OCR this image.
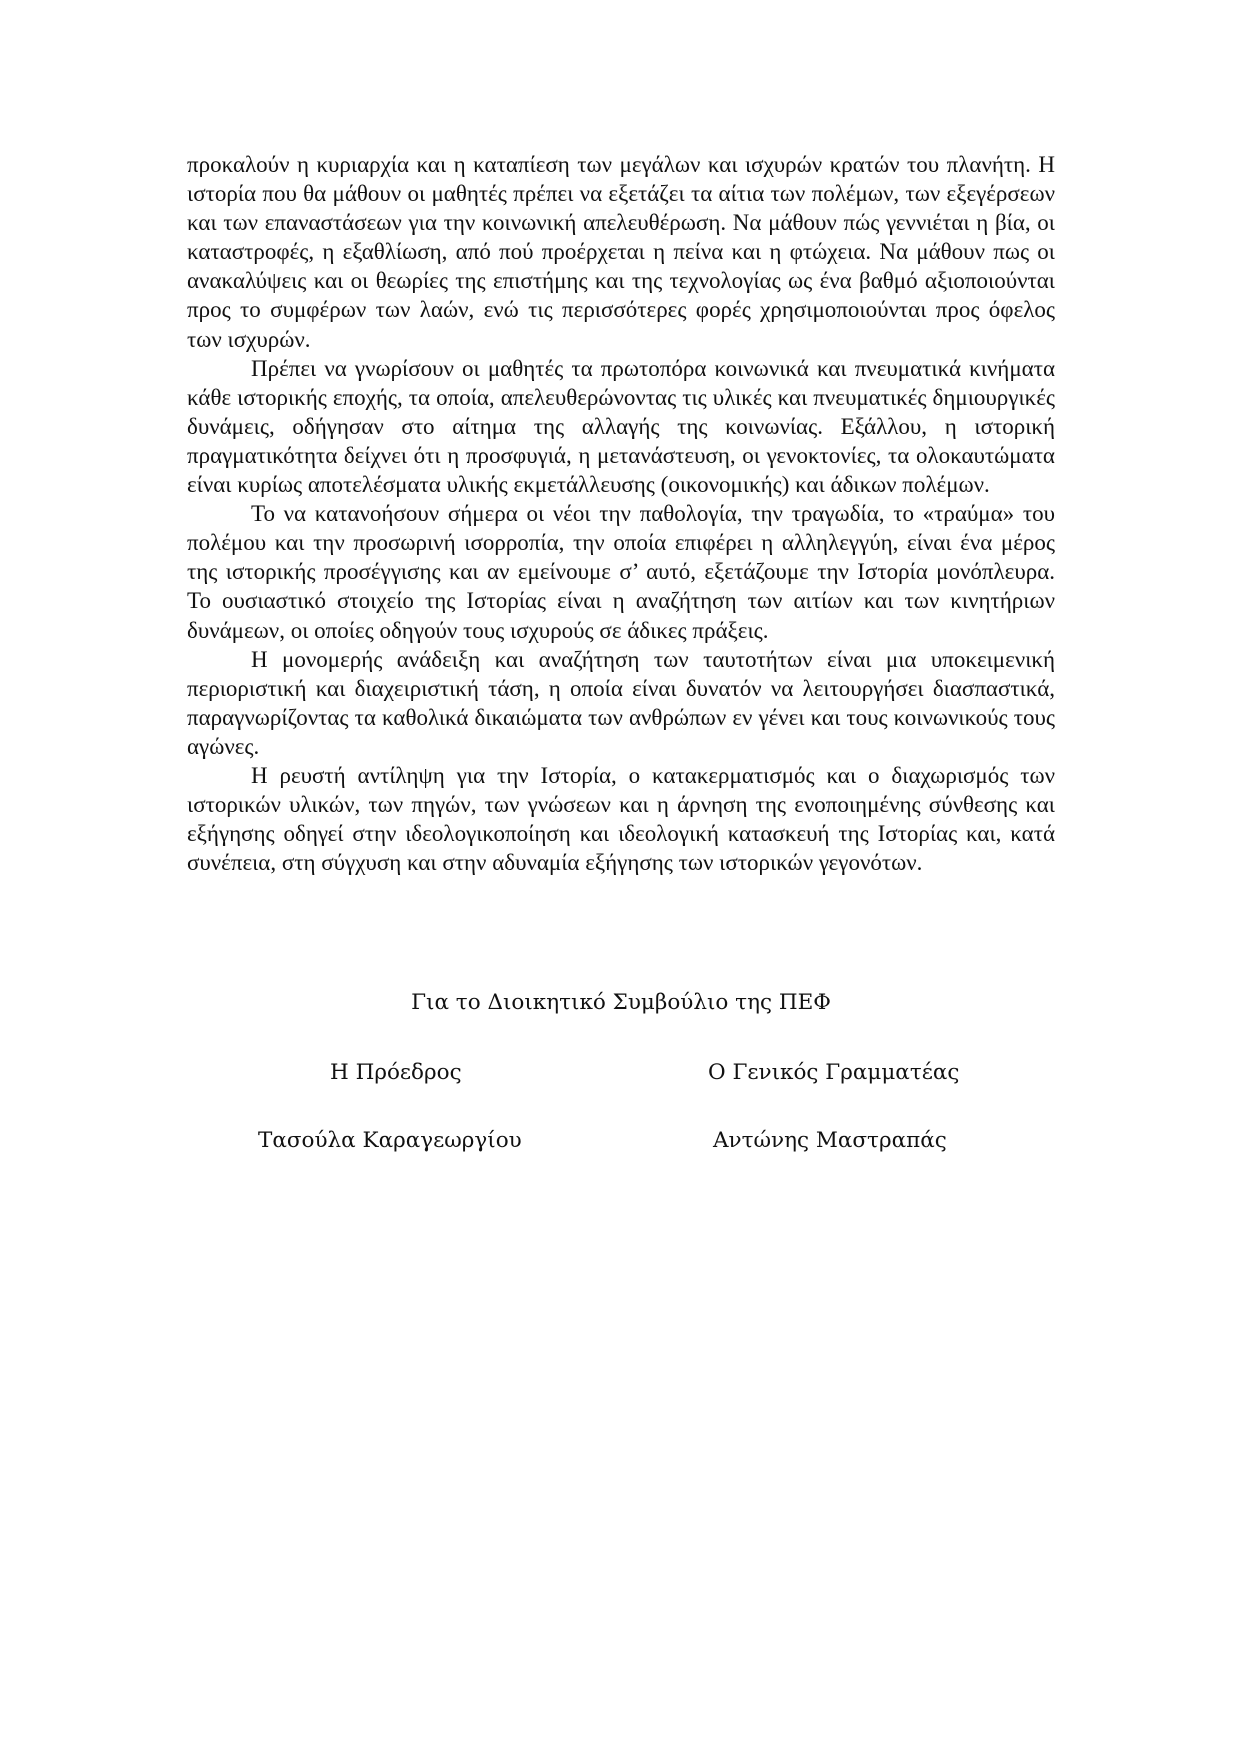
προκαλούν η κυριαρχία και η καταπίεση των μεγάλων και ισχυρών κρατών του πλανήτη. Η ιστορία που θα μάθουν οι μαθητές πρέπει να εξετάζει τα αίτια των πολέμων, των εξεγέρσεων και των επαναστάσεων για την κοινωνική απελευθέρωση. Να μάθουν πώς γεννιέται η βία, οι καταστροφές, η εξαθλίωση, από πού προέρχεται η πείνα και η φτώχεια. Να μάθουν πως οι ανακαλύψεις και οι θεωρίες της επιστήμης και της τεχνολογίας ως ένα βαθμό αξιοποιούνται προς το συμφέρων των λαών, ενώ τις περισσότερες φορές χρησιμοποιούνται προς όφελος των ισχυρών.

Πρέπει να γνωρίσουν οι μαθητές τα πρωτοπόρα κοινωνικά και πνευματικά κινήματα κάθε ιστορικής εποχής, τα οποία, απελευθερώνοντας τις υλικές και πνευματικές δημιουργικές δυνάμεις, οδήγησαν στο αίτημα της αλλαγής της κοινωνίας. Εξάλλου, η ιστορική πραγματικότητα δείχνει ότι η προσφυγιά, η μετανάστευση, οι γενοκτονίες, τα ολοκαυτώματα είναι κυρίως αποτελέσματα υλικής εκμετάλλευσης (οικονομικής) και άδικων πολέμων.

Το να κατανοήσουν σήμερα οι νέοι την παθολογία, την τραγωδία, το «τραύμα» του πολέμου και την προσωρινή ισορροπία, την οποία επιφέρει η αλληλεγγύη, είναι ένα μέρος της ιστορικής προσέγγισης και αν εμείνουμε σ’ αυτό, εξετάζουμε την Ιστορία μονόπλευρα. Το ουσιαστικό στοιχείο της Ιστορίας είναι η αναζήτηση των αιτίων και των κινητήριων δυνάμεων, οι οποίες οδηγούν τους ισχυρούς σε άδικες πράξεις.

Η μονομερής ανάδειξη και αναζήτηση των ταυτοτήτων είναι μια υποκειμενική περιοριστική και διαχειριστική τάση, η οποία είναι δυνατόν να λειτουργήσει διασπαστικά, παραγνωρίζοντας τα καθολικά δικαιώματα των ανθρώπων εν γένει και τους κοινωνικούς τους αγώνες.

Η ρευστή αντίληψη για την Ιστορία, ο κατακερματισμός και ο διαχωρισμός των ιστορικών υλικών, των πηγών, των γνώσεων και η άρνηση της ενοποιημένης σύνθεσης και εξήγησης οδηγεί στην ιδεολογικοποίηση και ιδεολογική κατασκευή της Ιστορίας και, κατά συνέπεια, στη σύγχυση και στην αδυναμία εξήγησης των ιστορικών γεγονότων.

Για το Διοικητικό Συμβούλιο της ΠΕΦ
Η Πρόεδρος	Ο Γενικός Γραμματέας
Τασούλα Καραγεωργίου	Αντώνης Μαστραπάς
